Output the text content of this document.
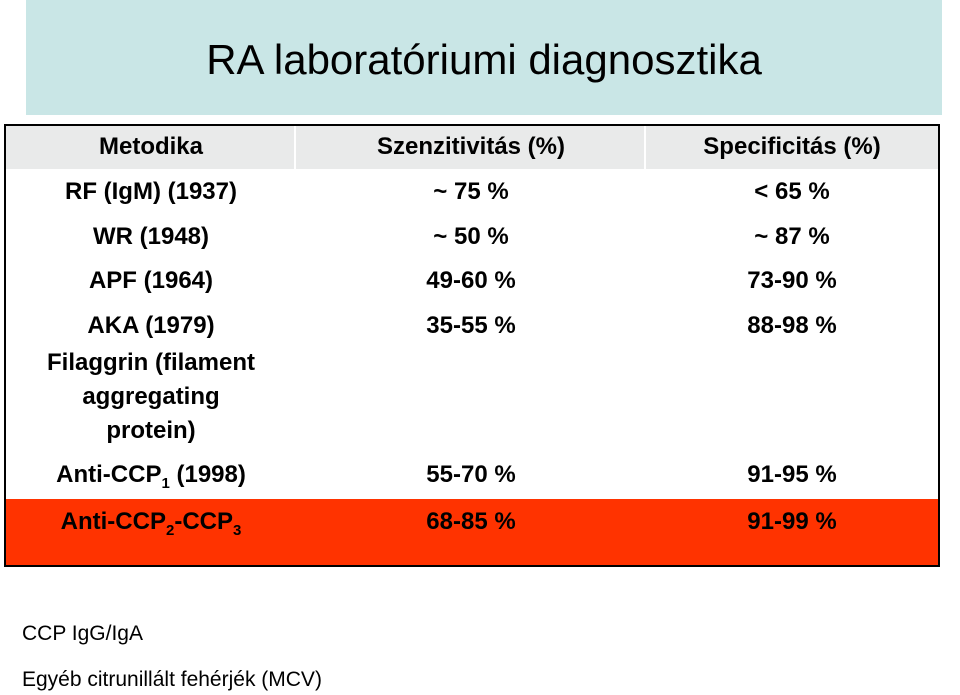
RA laboratóriumi diagnosztika
Metodika	Szenzitivitás (%)	Specificitás (%)
RF (IgM) (1937)	~ 75 %	< 65 %
WR (1948)	~ 50 %	~ 87 %
APF (1964)	49-60 %	73-90 %
AKA (1979)	35-55 %	88-98 %
Filaggrin (filament
aggregating
protein)
Anti-$CCP_1$ (1998)	55-70 %	91-95 %
Anti-$CCP_2-CCP_3$	68-85 %	91-99 %
CCP IgG/IgA
Egyéb citrunillált fehérjék (MCV)
